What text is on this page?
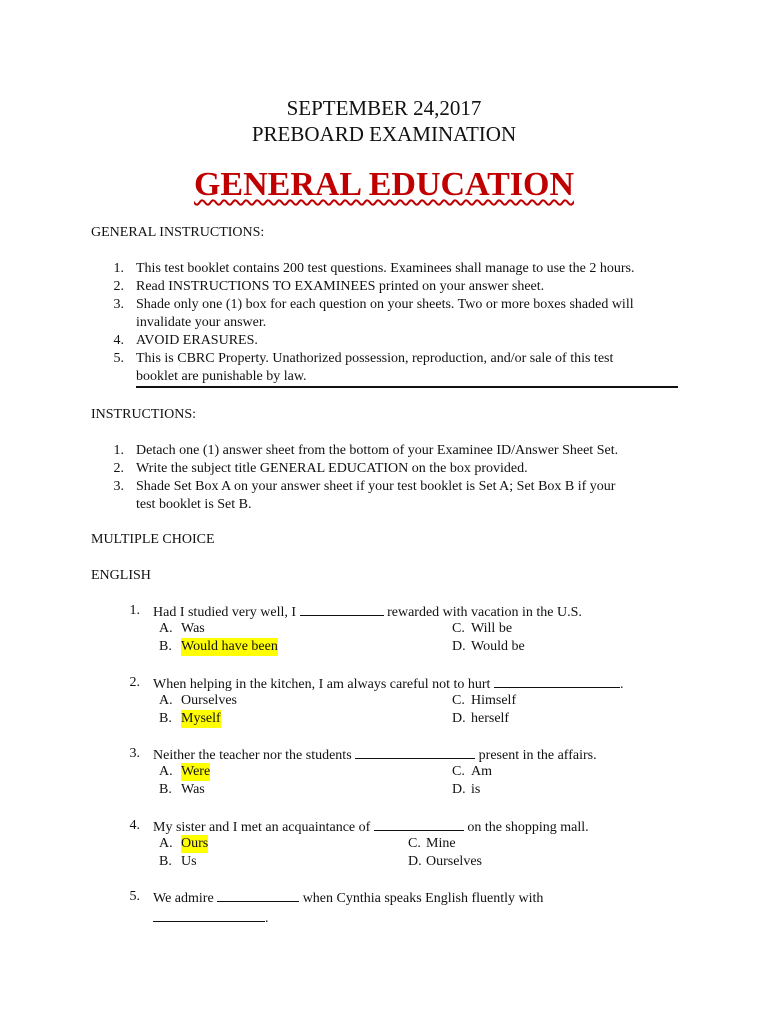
SEPTEMBER 24,2017
PREBOARD EXAMINATION
GENERAL EDUCATION
GENERAL INSTRUCTIONS:
1. This test booklet contains 200 test questions. Examinees shall manage to use the 2 hours.
2. Read INSTRUCTIONS TO EXAMINEES printed on your answer sheet.
3. Shade only one (1) box for each question on your sheets. Two or more boxes shaded will
invalidate your answer.
4. AVOID ERASURES.
5. This is CBRC Property. Unathorized possession, reproduction, and/or sale of this test
booklet are punishable by law.
INSTRUCTIONS:
1. Detach one (1) answer sheet from the bottom of your Examinee ID/Answer Sheet Set.
2. Write the subject title GENERAL EDUCATION on the box provided.
3. Shade Set Box A on your answer sheet if your test booklet is Set A; Set Box B if your
test booklet is Set B.
MULTIPLE CHOICE
ENGLISH
1. Had I studied very well, I	rewarded with vacation in the U.S.
A. Was	C. Will be
B. Would have been	D. Would be
2. When helping in the kitchen, I am always careful not to hurt	.
A. Ourselves	C. Himself
B. Myself	D. herself
3. Neither the teacher nor the students	present in the affairs.
A. Were	C. Am
B. Was	D. is
4. My sister and I met an acquaintance of	on the shopping mall.
A. Ours	C. Mine
B. Us	D. Ourselves
5. We admire	when Cynthia speaks English fluently with
.
